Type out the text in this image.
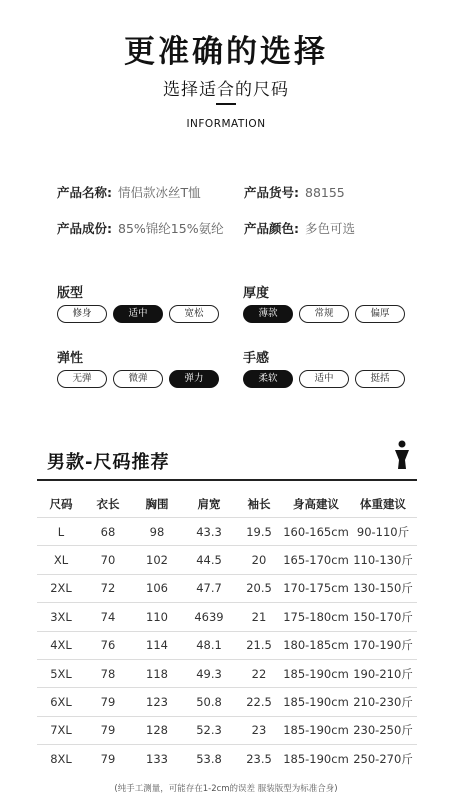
更准确的选择
选择适合的尺码
INFORMATION
产品名称: 情侣款冰丝T恤	产品货号: 88155
产品成份: 85%锦纶15%氨纶 产品颜色: 多色可选
版型
修身	适中	宽松
厚度
薄款	常规	偏厚
弹性
无弹	微弹	弹力
手感
柔软	适中	挺括
男款-尺码推荐
尺码	衣长	胸围	肩宽	袖长	身高建议	体重建议
L	68	98	43.3	19.5	160-165cm	90-110斤
XL	70	102	44.5	20	165-170cm	110-130斤
2XL	72	106	47.7	20.5	170-175cm	130-150斤
3XL	74	110	4639	21	175-180cm	150-170斤
4XL	76	114	48.1	21.5	180-185cm	170-190斤
5XL	78	118	49.3	22	185-190cm	190-210斤
6XL	79	123	50.8	22.5	185-190cm	210-230斤
7XL	79	128	52.3	23	185-190cm	230-250斤
8XL	79	133	53.8	23.5	185-190cm	250-270斤
(纯手工测量，可能存在1-2cm的误差 服装版型为标准合身)
